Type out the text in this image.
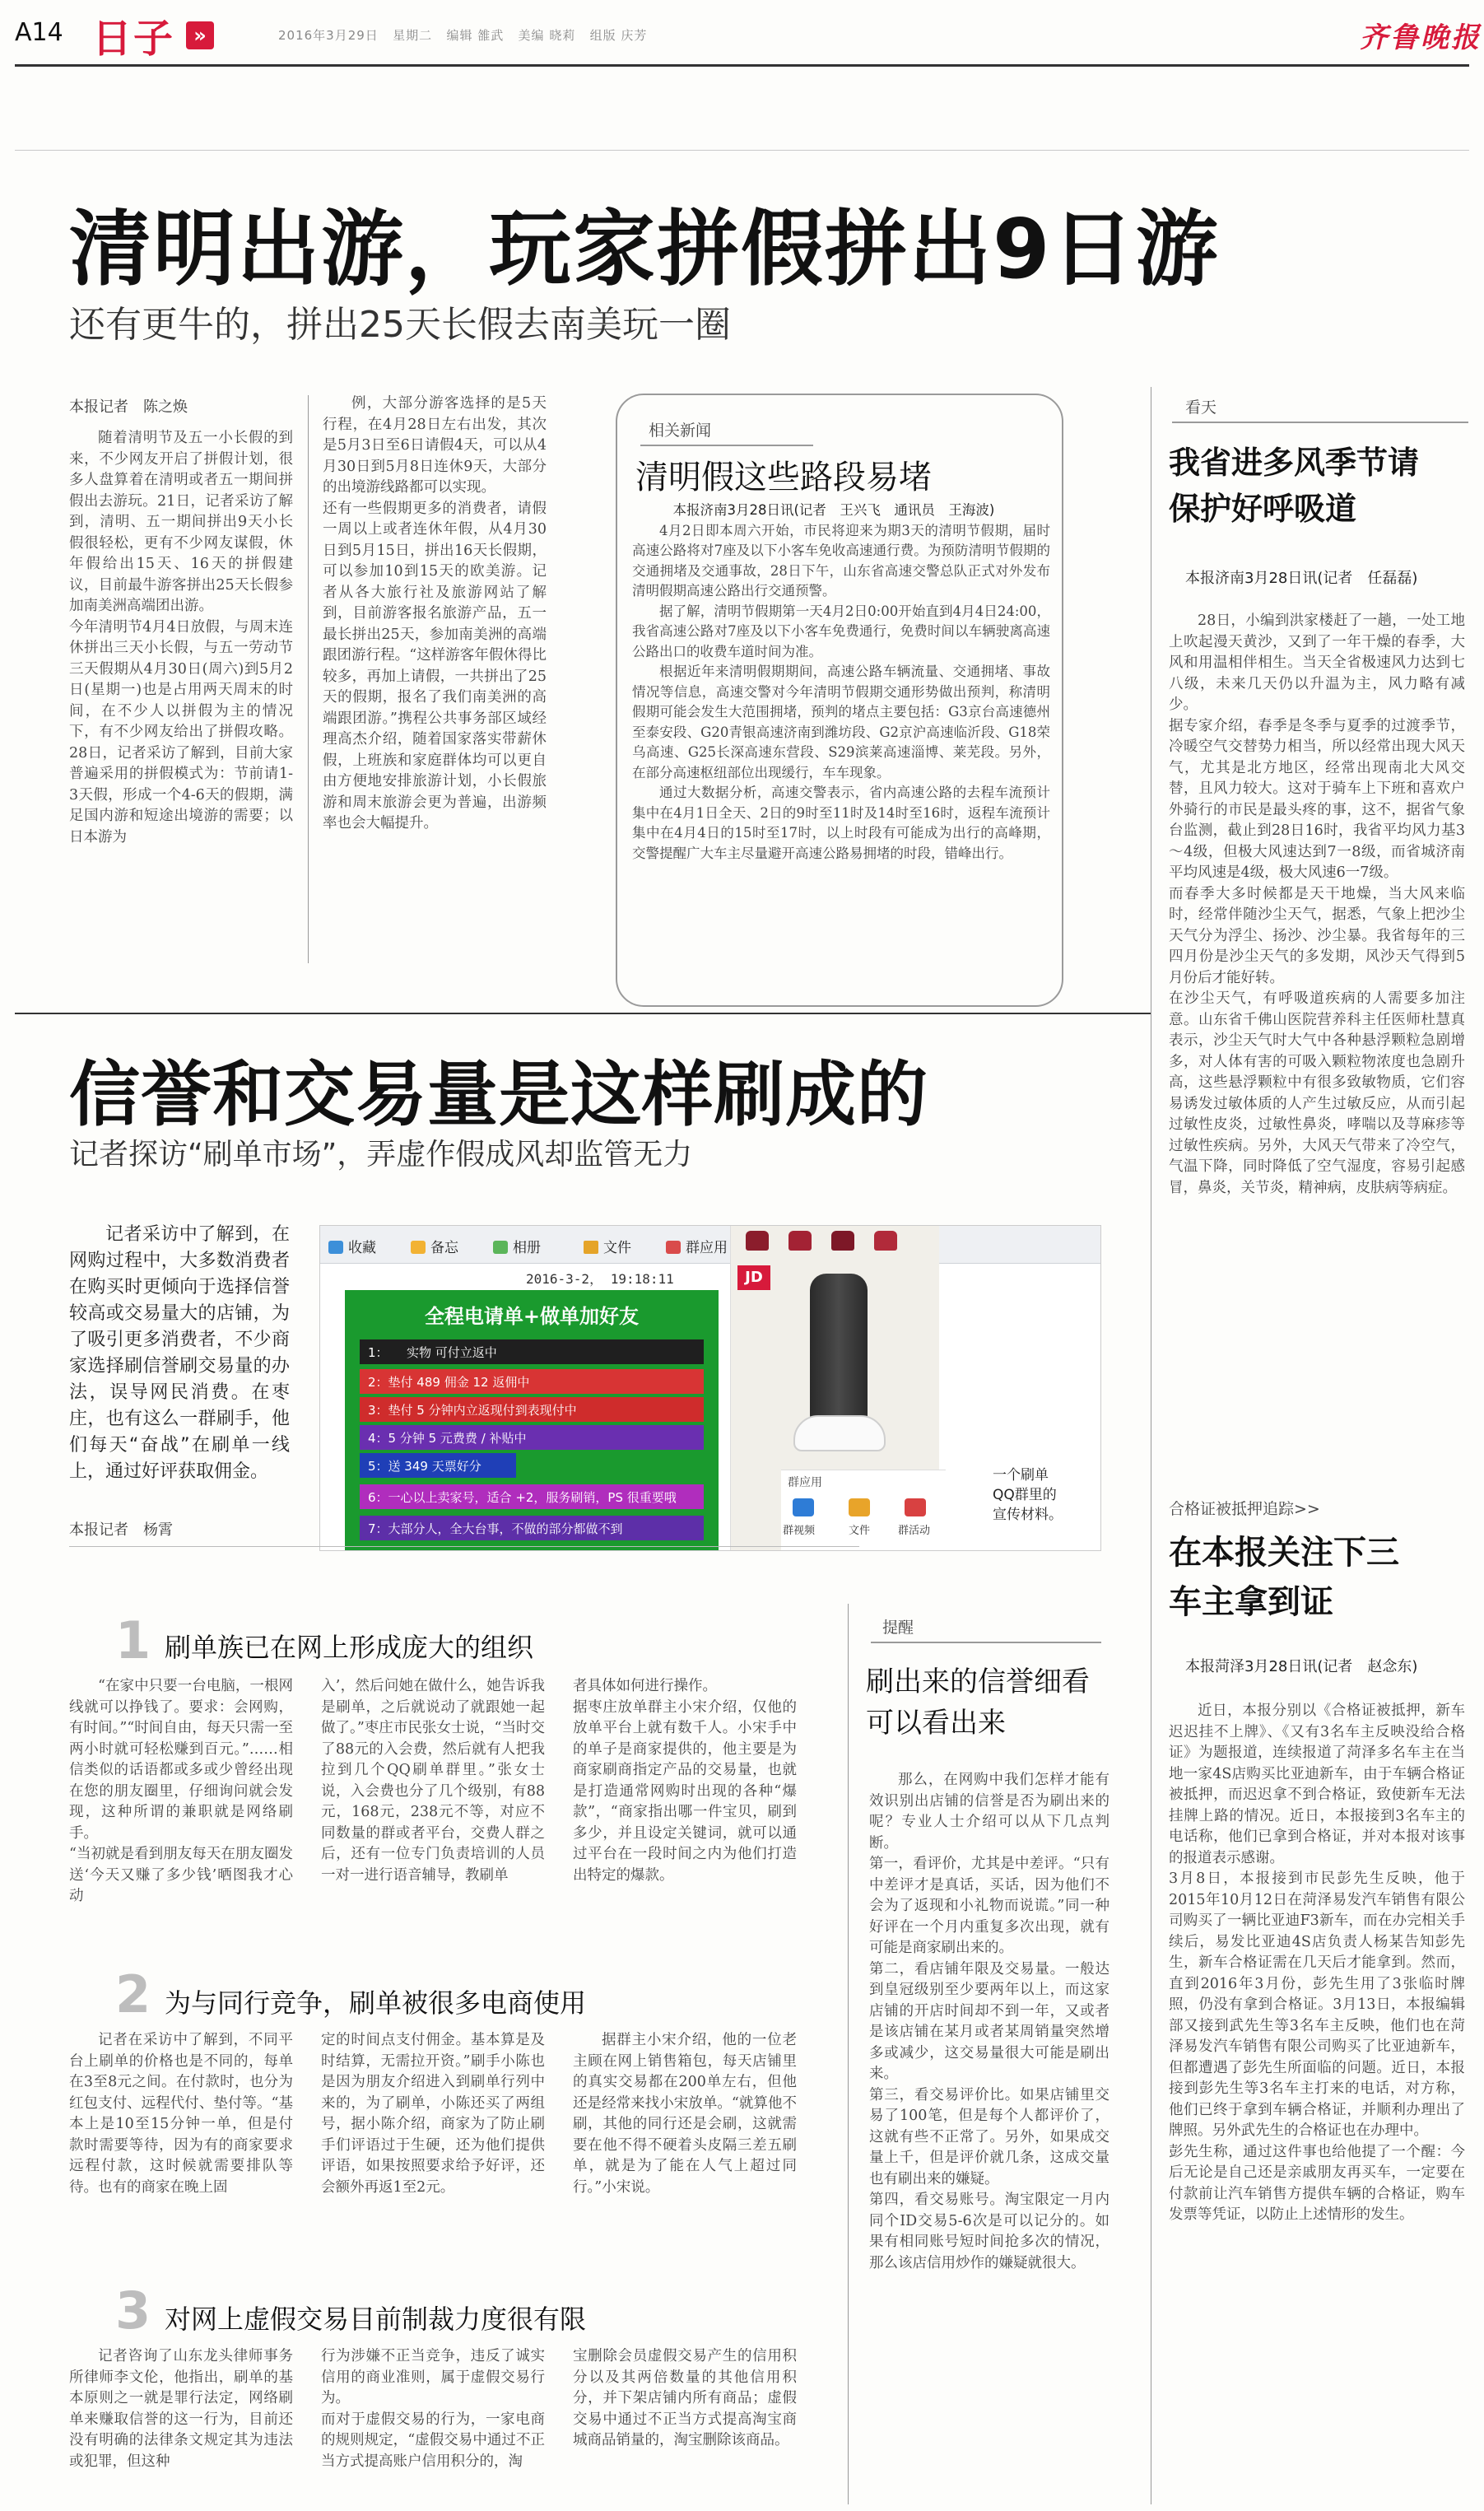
A14 日子 »	2016年3月29日 星期二 编辑 雒武 美编 晓莉 组版 庆芳	齐鲁晚报
清明出游，玩家拼假拼出9日游
还有更牛的，拼出25天长假去南美玩一圈
本报记者　陈之焕
随着清明节及五一小长假的到来，不少网友开启了拼假计划，很多人盘算着在清明或者五一期间拼假出去游玩。21日，记者采访了解到，清明、五一期间拼出9天小长假很轻松，更有不少网友谋假，休年假给出15天、16天的拼假建议，目前最牛游客拼出25天长假参加南美洲高端团出游。
今年清明节4月4日放假，与周末连休拼出三天小长假，与五一劳动节三天假期从4月30日(周六)到5月2日(星期一)也是占用两天周末的时间，在不少人以拼假为主的情况下，有不少网友给出了拼假攻略。28日，记者采访了解到，目前大家普遍采用的拼假模式为：节前请1-3天假，形成一个4-6天的假期，满足国内游和短途出境游的需要；以日本游为
例，大部分游客选择的是5天行程，在4月28日左右出发，其次是5月3日至6日请假4天，可以从4月30日到5月8日连休9天，大部分的出境游线路都可以实现。
还有一些假期更多的消费者，请假一周以上或者连休年假，从4月30日到5月15日，拼出16天长假期，可以参加10到15天的欧美游。记者从各大旅行社及旅游网站了解到，目前游客报名旅游产品，五一最长拼出25天，参加南美洲的高端跟团游行程。“这样游客年假休得比较多，再加上请假，一共拼出了25天的假期，报名了我们南美洲的高端跟团游。”携程公共事务部区域经理高杰介绍，随着国家落实带薪休假，上班族和家庭群体均可以更自由方便地安排旅游计划，小长假旅游和周末旅游会更为普遍，出游频率也会大幅提升。
相关新闻
清明假这些路段易堵

本报济南3月28日讯(记者　王兴飞　通讯员　王海波)

4月2日即本周六开始，市民将迎来为期3天的清明节假期，届时高速公路将对7座及以下小客车免收高速通行费。为预防清明节假期的交通拥堵及交通事故，28日下午，山东省高速交警总队正式对外发布清明假期高速公路出行交通预警。

据了解，清明节假期第一天4月2日0:00开始直到4月4日24:00，我省高速公路对7座及以下小客车免费通行，免费时间以车辆驶离高速公路出口的收费车道时间为准。

根据近年来清明假期期间，高速公路车辆流量、交通拥堵、事故情况等信息，高速交警对今年清明节假期交通形势做出预判，称清明假期可能会发生大范围拥堵，预判的堵点主要包括：G3京台高速德州至泰安段、G20青银高速济南到潍坊段、G2京沪高速临沂段、G18荣乌高速、G25长深高速东营段、S29滨莱高速淄博、莱芜段。另外，在部分高速枢纽部位出现缓行，车车现象。

通过大数据分析，高速交警表示，省内高速公路的去程车流预计集中在4月1日全天、2日的9时至11时及14时至16时，返程车流预计集中在4月4日的15时至17时，以上时段有可能成为出行的高峰期，交警提醒广大车主尽量避开高速公路易拥堵的时段，错峰出行。

信誉和交易量是这样刷成的
记者探访“刷单市场”，弄虚作假成风却监管无力
记者采访中了解到，在网购过程中，大多数消费者在购买时更倾向于选择信誉较高或交易量大的店铺，为了吸引更多消费者，不少商家选择刷信誉刷交易量的办法，误导网民消费。在枣庄，也有这么一群刷手，他们每天“奋战”在刷单一线上，通过好评获取佣金。
本报记者　杨霄
收藏	备忘	相册	文件	群应用
2016-3-2， 19:18:11
全程电请单+做单加好友
1：　　实物 可付立返中
2：垫付 489 佣金 12 返佣中
3：垫付 5 分钟内立返现付到表现付中
4：5 分钟 5 元费费 / 补贴中
5：送 349 天票好分
6：一心以上卖家号，适合 +2，服务刷销，PS 很重要哦
7：大部分人，全大台事，不做的部分都做不到
JD
群应用
群视频	文件	群活动
一个刷单QQ群里的宣传材料。
1 刷单族已在网上形成庞大的组织
“在家中只要一台电脑，一根网线就可以挣钱了。要求：会网购，有时间。”“时间自由，每天只需一至两小时就可轻松赚到百元。”……相信类似的话语都或多或少曾经出现在您的朋友圈里，仔细询问就会发现，这种所谓的兼职就是网络刷手。
“当初就是看到朋友每天在朋友圈发送‘今天又赚了多少钱’晒图我才心动
入’，然后问她在做什么，她告诉我是刷单，之后就说动了就跟她一起做了。”枣庄市民张女士说，“当时交了88元的入会费，然后就有人把我拉到几个QQ刷单群里。”张女士说，入会费也分了几个级别，有88元，168元，238元不等，对应不同数量的群或者平台，交费人群之后，还有一位专门负责培训的人员一对一进行语音辅导，教刷单
者具体如何进行操作。
据枣庄放单群主小宋介绍，仅他的放单平台上就有数千人。小宋手中的单子是商家提供的，他主要是为商家刷商指定产品的交易量，也就是打造通常网购时出现的各种“爆款”，“商家指出哪一件宝贝，刷到多少，并且设定关键词，就可以通过平台在一段时间之内为他们打造出特定的爆款。
2 为与同行竞争，刷单被很多电商使用
记者在采访中了解到，不同平台上刷单的价格也是不同的，每单在3至8元之间。在付款时，也分为红包支付、远程代付、垫付等。“基本上是10至15分钟一单，但是付款时需要等待，因为有的商家要求远程付款，这时候就需要排队等待。也有的商家在晚上固
定的时间点支付佣金。基本算是及时结算，无需拉开资。”刷手小陈也是因为朋友介绍进入到刷单行列中来的，为了刷单，小陈还买了两组号，据小陈介绍，商家为了防止刷手们评语过于生硬，还为他们提供评语，如果按照要求给予好评，还会额外再返1至2元。
据群主小宋介绍，他的一位老主顾在网上销售箱包，每天店铺里的真实交易都在200单左右，但他还是经常来找小宋放单。“就算他不刷，其他的同行还是会刷，这就需要在他不得不硬着头皮隔三差五刷单，就是为了能在人气上超过同行。”小宋说。
3 对网上虚假交易目前制裁力度很有限
记者咨询了山东龙头律师事务所律师李文伦，他指出，刷单的基本原则之一就是罪行法定，网络刷单来赚取信誉的这一行为，目前还没有明确的法律条文规定其为违法或犯罪，但这种
行为涉嫌不正当竞争，违反了诚实信用的商业准则，属于虚假交易行为。
而对于虚假交易的行为，一家电商的规则规定，“虚假交易中通过不正当方式提高账户信用积分的，淘
宝删除会员虚假交易产生的信用积分以及其两倍数量的其他信用积分，并下架店铺内所有商品；虚假交易中通过不正当方式提高淘宝商城商品销量的，淘宝删除该商品。
提醒
刷出来的信誉细看可以看出来
那么，在网购中我们怎样才能有效识别出店铺的信誉是否为刷出来的呢？专业人士介绍可以从下几点判断。
第一，看评价，尤其是中差评。“只有中差评才是真话，买话，因为他们不会为了返现和小礼物而说谎。”同一种好评在一个月内重复多次出现，就有可能是商家刷出来的。
第二，看店铺年限及交易量。一般达到皇冠级别至少要两年以上，而这家店铺的开店时间却不到一年，又或者是该店铺在某月或者某周销量突然增多或减少，这交易量很大可能是刷出来。
第三，看交易评价比。如果店铺里交易了100笔，但是每个人都评价了，这就有些不正常了。另外，如果成交量上千，但是评价就几条，这成交量也有刷出来的嫌疑。
第四，看交易账号。淘宝限定一月内同个ID交易5-6次是可以记分的。如果有相同账号短时间抢多次的情况，那么该店信用炒作的嫌疑就很大。
看天
我省进多风季节请保护好呼吸道
本报济南3月28日讯(记者　任磊磊)
28日，小编到洪家楼赶了一趟，一处工地上吹起漫天黄沙，又到了一年干燥的春季，大风和用温相伴相生。当天全省极速风力达到七八级，未来几天仍以升温为主，风力略有减少。
据专家介绍，春季是冬季与夏季的过渡季节，冷暖空气交替势力相当，所以经常出现大风天气，尤其是北方地区，经常出现南北大风交替，且风力较大。这对于骑车上下班和喜欢户外骑行的市民是最头疼的事，这不，据省气象台监测，截止到28日16时，我省平均风力基3～4级，但极大风速达到7一8级，而省城济南平均风速是4级，极大风速6一7级。
而春季大多时候都是天干地燥，当大风来临时，经常伴随沙尘天气，据悉，气象上把沙尘天气分为浮尘、扬沙、沙尘暴。我省每年的三四月份是沙尘天气的多发期，风沙天气得到5月份后才能好转。
在沙尘天气，有呼吸道疾病的人需要多加注意。山东省千佛山医院营养科主任医师杜慧真表示，沙尘天气时大气中各种悬浮颗粒急剧增多，对人体有害的可吸入颗粒物浓度也急剧升高，这些悬浮颗粒中有很多致敏物质，它们容易诱发过敏体质的人产生过敏反应，从而引起过敏性皮炎，过敏性鼻炎，哮喘以及荨麻疹等过敏性疾病。另外，大风天气带来了冷空气，气温下降，同时降低了空气湿度，容易引起感冒，鼻炎，关节炎，精神病，皮肤病等病症。
合格证被抵押追踪>>
在本报关注下三车主拿到证
本报菏泽3月28日讯(记者　赵念东)
近日，本报分别以《合格证被抵押，新车迟迟挂不上牌》、《又有3名车主反映没给合格证》为题报道，连续报道了菏泽多名车主在当地一家4S店购买比亚迪新车，由于车辆合格证被抵押，而迟迟拿不到合格证，致使新车无法挂牌上路的情况。近日，本报接到3名车主的电话称，他们已拿到合格证，并对本报对该事的报道表示感谢。
3月8日，本报接到市民彭先生反映，他于2015年10月12日在菏泽易发汽车销售有限公司购买了一辆比亚迪F3新车，而在办完相关手续后，易发比亚迪4S店负责人杨某告知彭先生，新车合格证需在几天后才能拿到。然而，直到2016年3月份，彭先生用了3张临时牌照，仍没有拿到合格证。3月13日，本报编辑部又接到武先生等3名车主反映，他们也在菏泽易发汽车销售有限公司购买了比亚迪新车，但都遭遇了彭先生所面临的问题。近日，本报接到彭先生等3名车主打来的电话，对方称，他们已终于拿到车辆合格证，并顺利办理出了牌照。另外武先生的合格证也在办理中。
彭先生称，通过这件事也给他提了一个醒：今后无论是自己还是亲戚朋友再买车，一定要在付款前让汽车销售方提供车辆的合格证，购车发票等凭证，以防止上述情形的发生。
